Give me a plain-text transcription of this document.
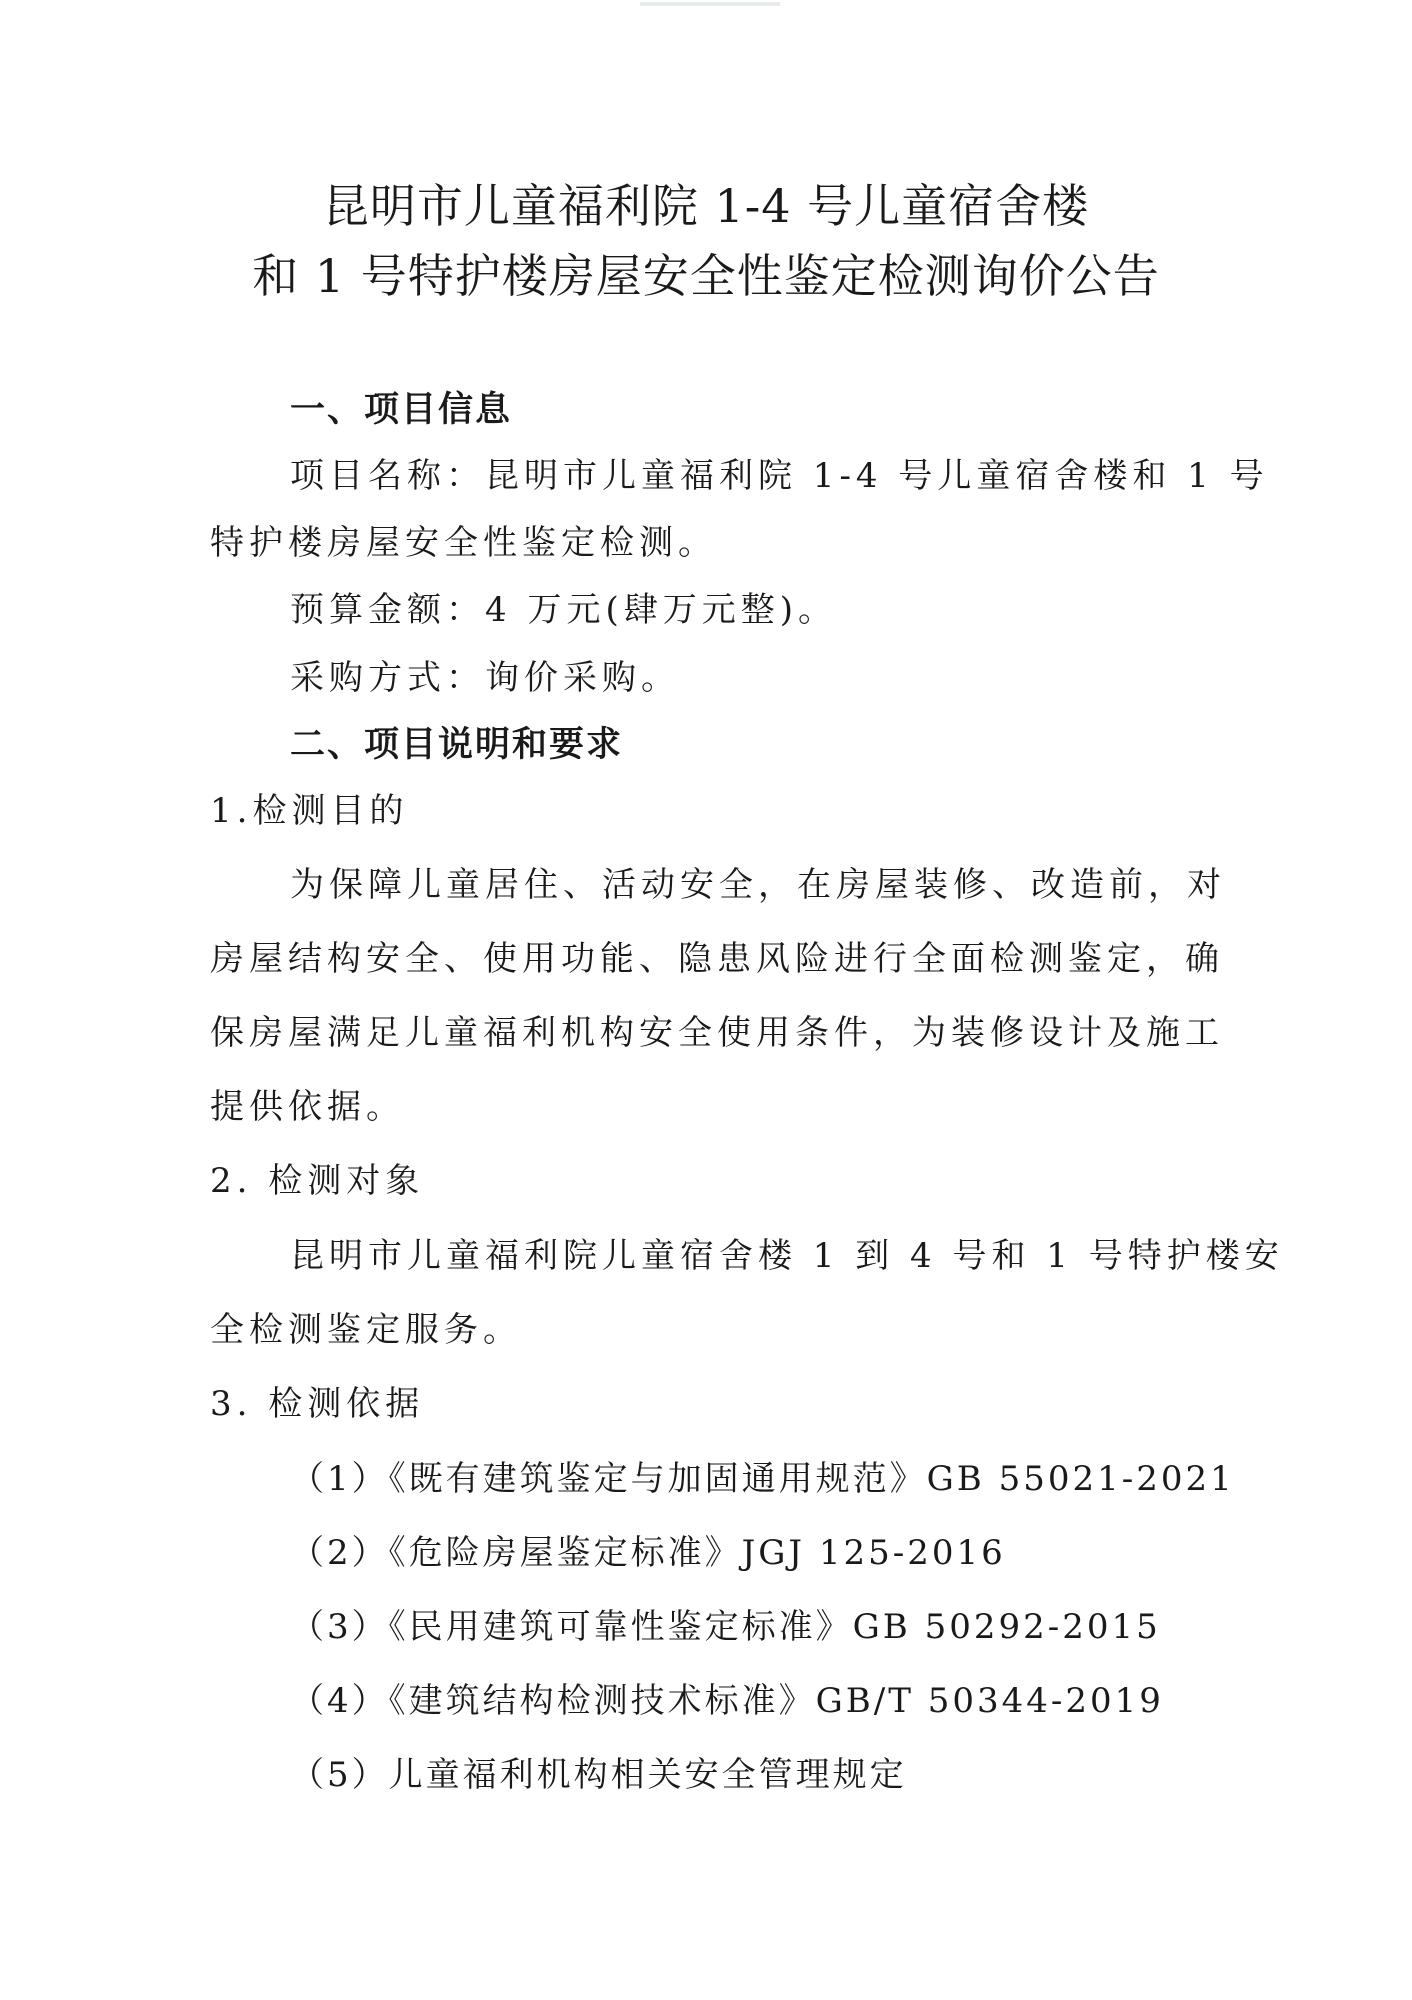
昆明市儿童福利院 1-4 号儿童宿舍楼
和 1 号特护楼房屋安全性鉴定检测询价公告
一、项目信息
项目名称：昆明市儿童福利院 1-4 号儿童宿舍楼和 1 号
特护楼房屋安全性鉴定检测。
预算金额：4 万元(肆万元整)。
采购方式：询价采购。
二、项目说明和要求
1.检测目的
为保障儿童居住、活动安全，在房屋装修、改造前，对
房屋结构安全、使用功能、隐患风险进行全面检测鉴定，确
保房屋满足儿童福利机构安全使用条件，为装修设计及施工
提供依据。
2. 检测对象
昆明市儿童福利院儿童宿舍楼 1 到 4 号和 1 号特护楼安
全检测鉴定服务。
3. 检测依据
（1）《既有建筑鉴定与加固通用规范》GB 55021-2021
（2）《危险房屋鉴定标准》JGJ 125-2016
（3）《民用建筑可靠性鉴定标准》GB 50292-2015
（4）《建筑结构检测技术标准》GB/T 50344-2019
（5）儿童福利机构相关安全管理规定
